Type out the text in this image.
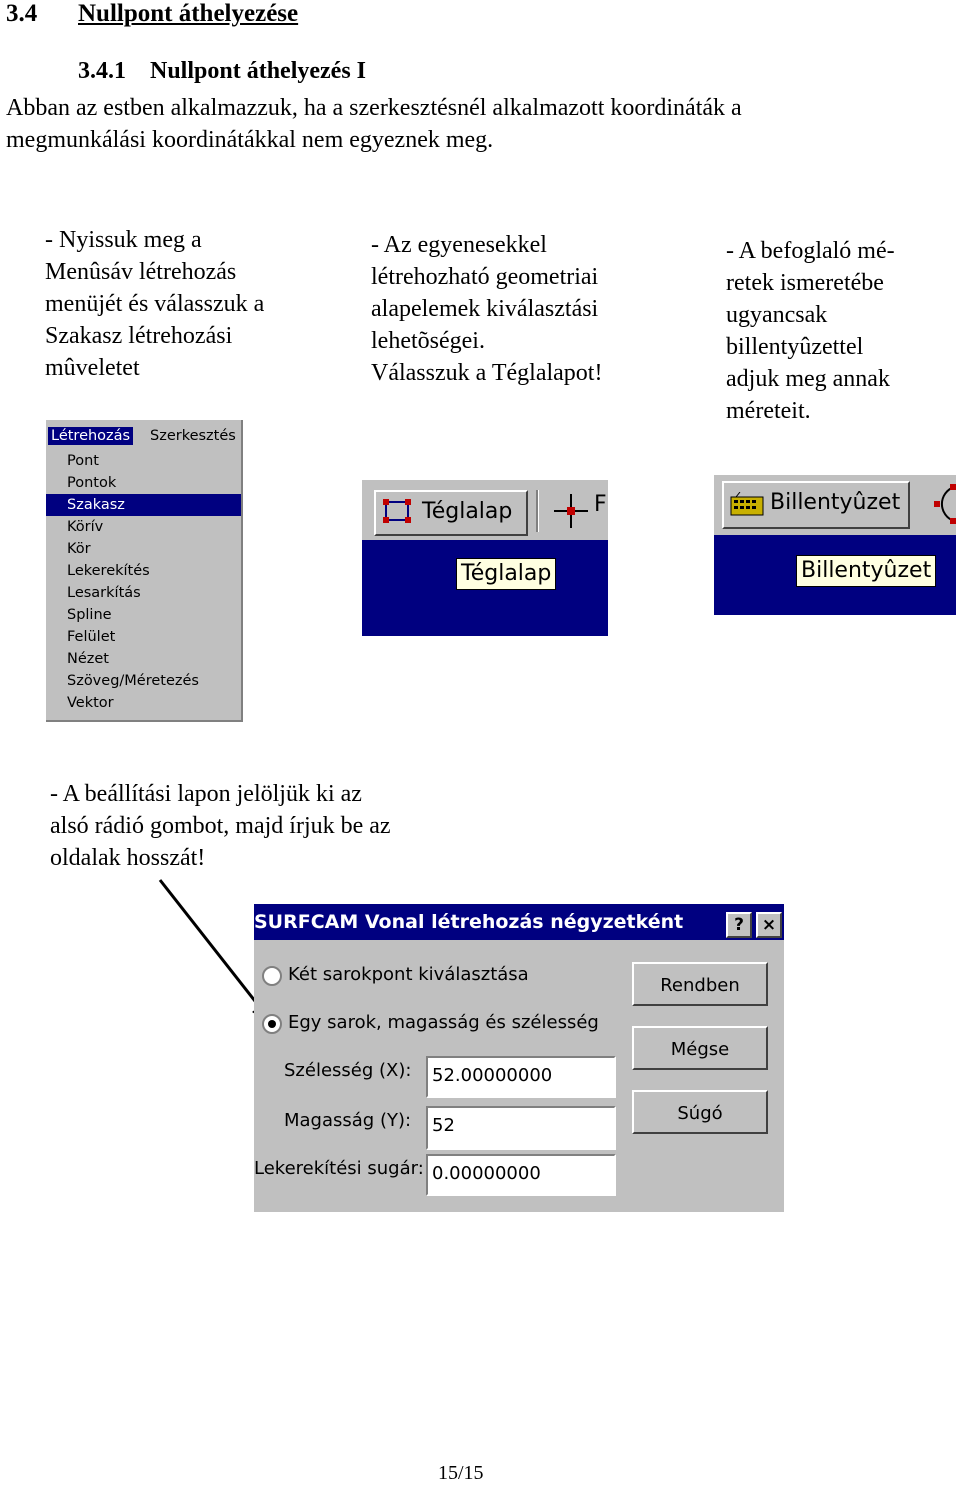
3.4 Nullpont áthelyezése
3.4.1 Nullpont áthelyezés I
Abban az estben alkalmazzuk, ha a szerkesztésnél alkalmazott koordináták a
megmunkálási koordinátákkal nem egyeznek meg.
- Nyissuk meg a
Menûsáv létrehozás
menüjét és válasszuk a
Szakasz létrehozási
mûveletet
- Az egyenesekkel
létrehozható geometriai
alapelemek kiválasztási
lehetõségei.
Válasszuk a Téglalapot!
- A befoglaló mé-
retek ismeretébe
ugyancsak
billentyûzettel
adjuk meg annak
méreteit.
Létrehozás Szerkesztés
Pont
Pontok
Szakasz
Körív
Kör
Lekerekítés
Lesarkítás
Spline
Felület
Nézet
Szöveg/Méretezés
Vektor
Téglalap	F
Téglalap
Billentyûzet
Billentyûzet
- A beállítási lapon jelöljük ki az
alsó rádió gombot, majd írjuk be az
oldalak hosszát!
SURFCAM Vonal létrehozás négyzetként	?	×
Két sarokpont kiválasztása
Egy sarok, magasság és szélesség
Szélesség (X):	52.00000000
Magasság (Y):	52
Lekerekítési sugár: 0.00000000
Rendben
Mégse
Súgó
15/15
